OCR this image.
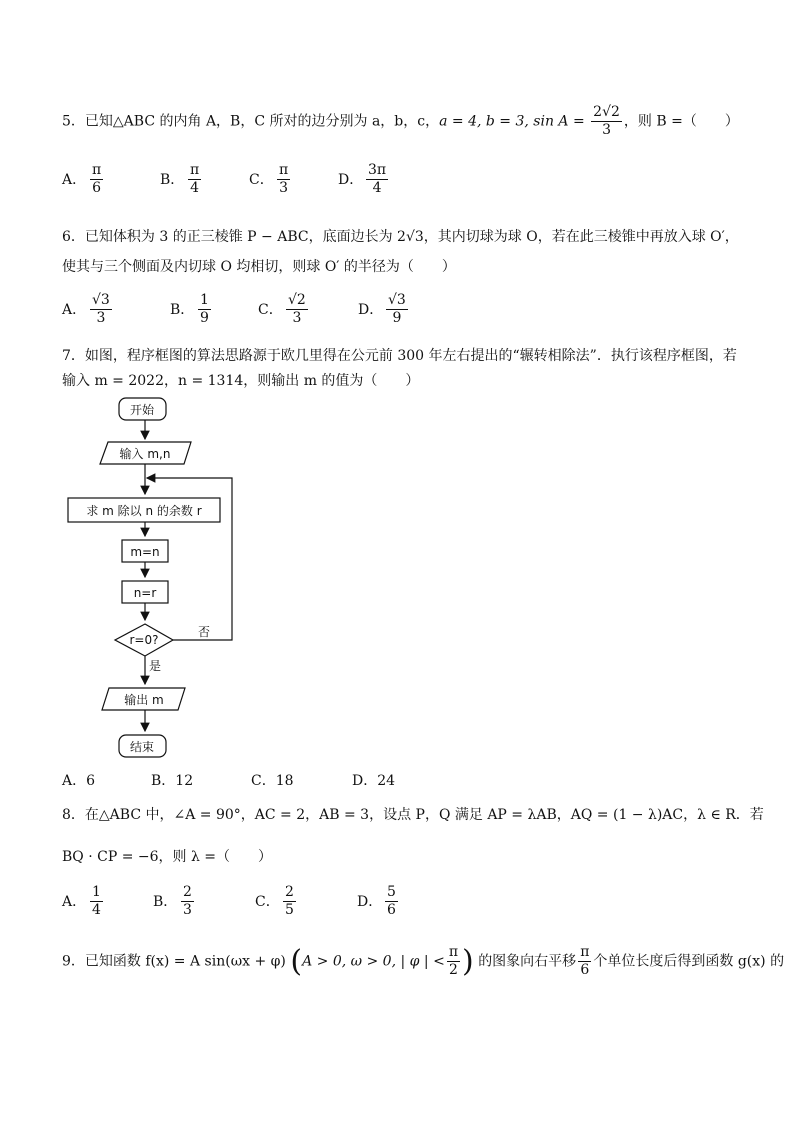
5．已知△ABC 的内角 A，B，C 所对的边分别为 a，b，c，a = 4, b = 3, $\sin A = \frac{2√2}{3}$ ，则 B =（　　）
A． $\frac{\pi}{6}$	B． $\frac{\pi}{4}$	C． $\frac{\pi}{3}$	D． $\frac{3\pi}{4}$
6．已知体积为 3 的正三棱锥 P − ABC，底面边长为 2√3，其内切球为球 O，若在此三棱锥中再放入球 O′，
使其与三个侧面及内切球 O 均相切，则球 O′ 的半径为（　　）
A． $\frac{√3}{3}$	B． $\frac{1}{9}$	C． $\frac{√2}{3}$	D． $\frac{√3}{9}$
7．如图，程序框图的算法思路源于欧几里得在公元前 300 年左右提出的“辗转相除法”．执行该程序框图，若
输入 m = 2022，n = 1314，则输出 m 的值为（　　）
开始
输入 m,n
求 m 除以 n 的余数 r
m=n
n=r
r=0?
否
是
输出 m
结束
A．6	B．12	C．18	D．24
8．在△ABC 中，∠A = 90°，AC = 2，AB = 3，设点 P，Q 满足 AP = λAB，AQ = (1 − λ)AC，λ ∈ R．若
BQ · CP = −6，则 λ =（　　）
A． $\frac{1}{4}$	B． $\frac{2}{3}$	C． $\frac{2}{5}$	D． $\frac{5}{6}$
9．已知函数 f(x) = A sin(ωx + φ) (A > 0, ω > 0, | φ | < $\frac{\pi}{2}$ ) 的图象向右平移 $\frac{\pi}{6}$ 个单位长度后得到函数 g(x) 的
